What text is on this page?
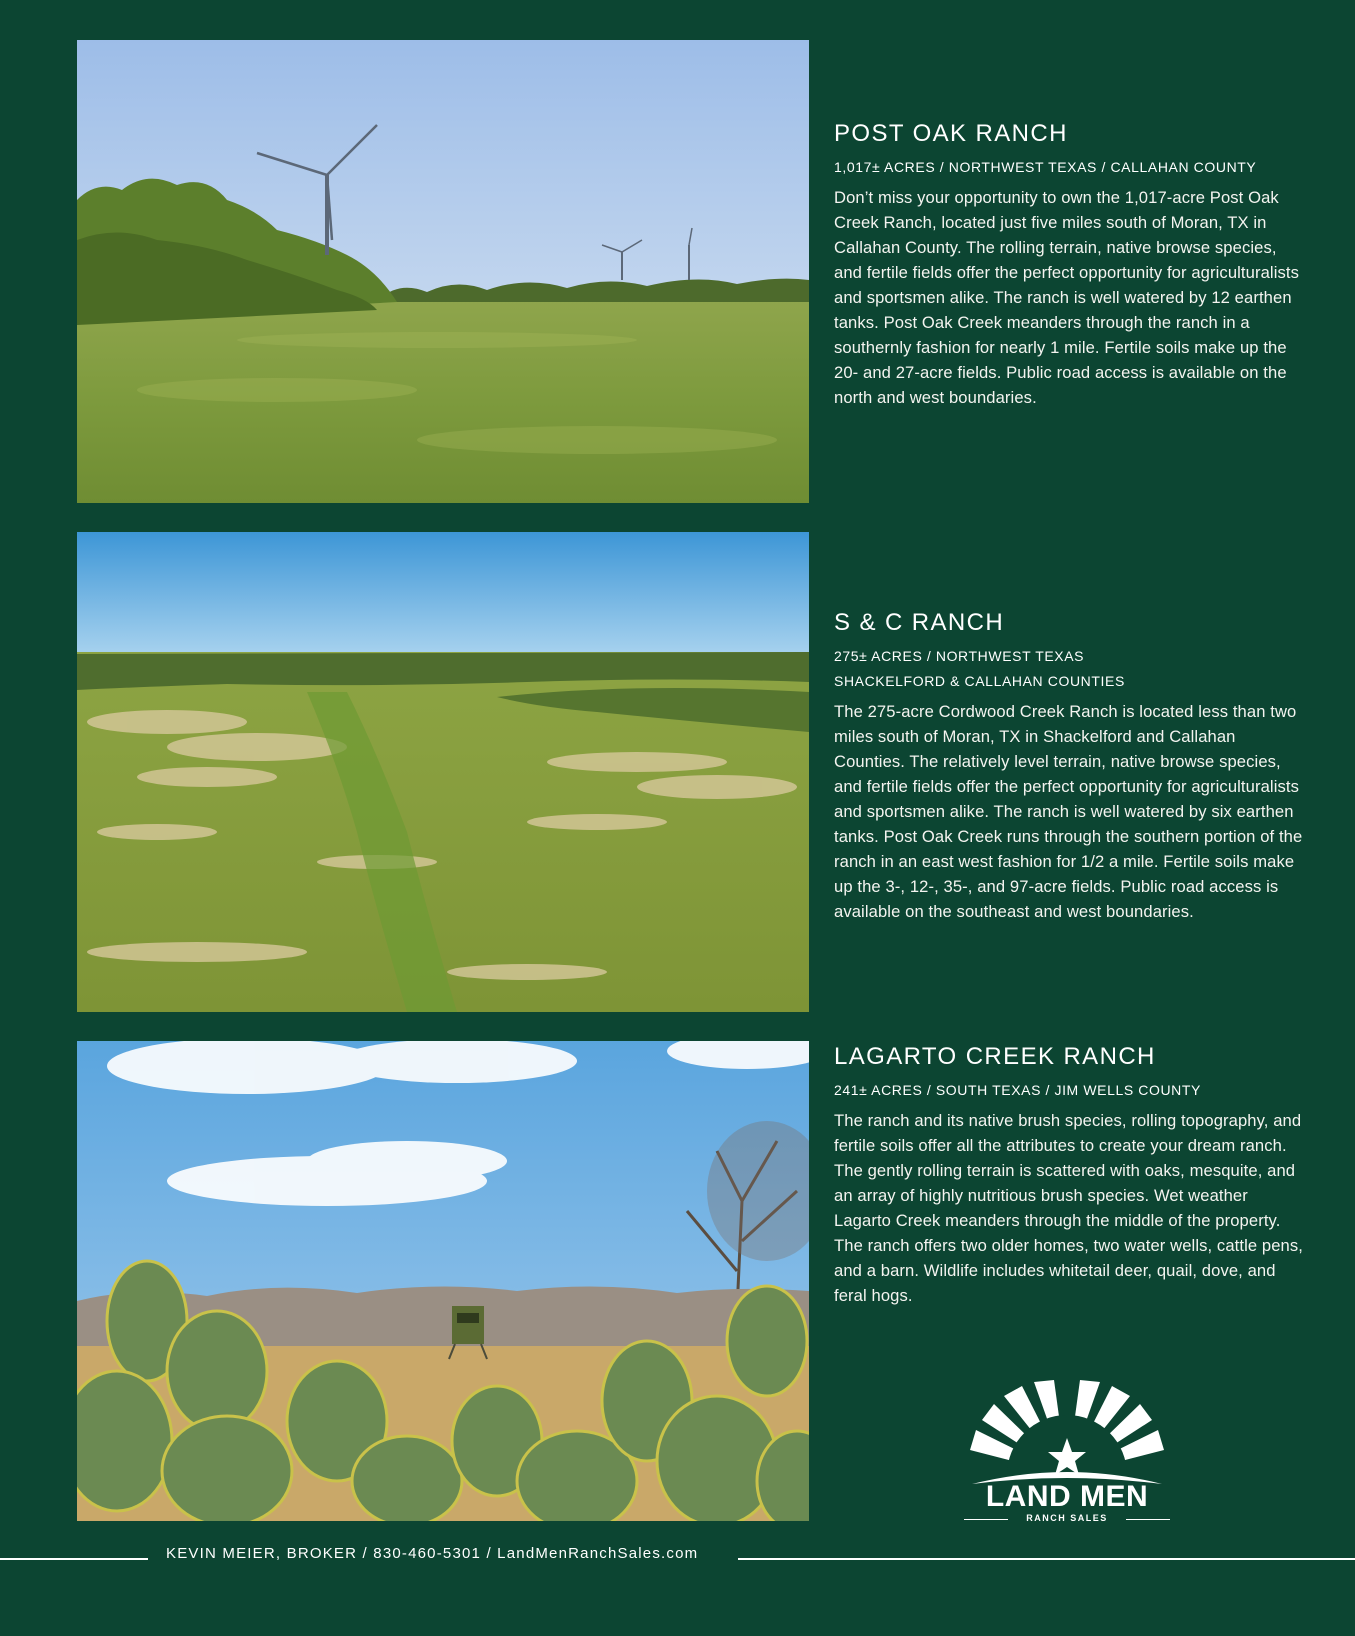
POST OAK RANCH
1,017± ACRES / NORTHWEST TEXAS / CALLAHAN COUNTY
Don’t miss your opportunity to own the 1,017-acre Post Oak Creek Ranch, located just five miles south of Moran, TX in Callahan County. The rolling terrain, native browse species, and fertile fields offer the perfect opportunity for agriculturalists and sportsmen alike. The ranch is well watered by 12 earthen tanks. Post Oak Creek meanders through the ranch in a southernly fashion for nearly 1 mile. Fertile soils make up the 20- and 27-acre fields. Public road access is available on the north and west boundaries.
S & C RANCH
275± ACRES / NORTHWEST TEXAS
SHACKELFORD & CALLAHAN COUNTIES
The 275-acre Cordwood Creek Ranch is located less than two miles south of Moran, TX in Shackelford and Callahan Counties. The relatively level terrain, native browse species, and fertile fields offer the perfect opportunity for agriculturalists and sportsmen alike. The ranch is well watered by six earthen tanks. Post Oak Creek runs through the southern portion of the ranch in an east west fashion for 1/2 a mile. Fertile soils make up the 3-, 12-, 35-, and 97-acre fields. Public road access is available on the southeast and west boundaries.
LAGARTO CREEK RANCH
241± ACRES / SOUTH TEXAS / JIM WELLS COUNTY
The ranch and its native brush species, rolling topography, and fertile soils offer all the attributes to create your dream ranch. The gently rolling terrain is scattered with oaks, mesquite, and an array of highly nutritious brush species. Wet weather Lagarto Creek meanders through the middle of the property. The ranch offers two older homes, two water wells, cattle pens, and a barn. Wildlife includes whitetail deer, quail, dove, and feral hogs.
LAND MEN
RANCH SALES
KEVIN MEIER, BROKER / 830-460-5301 / LandMenRanchSales.com
